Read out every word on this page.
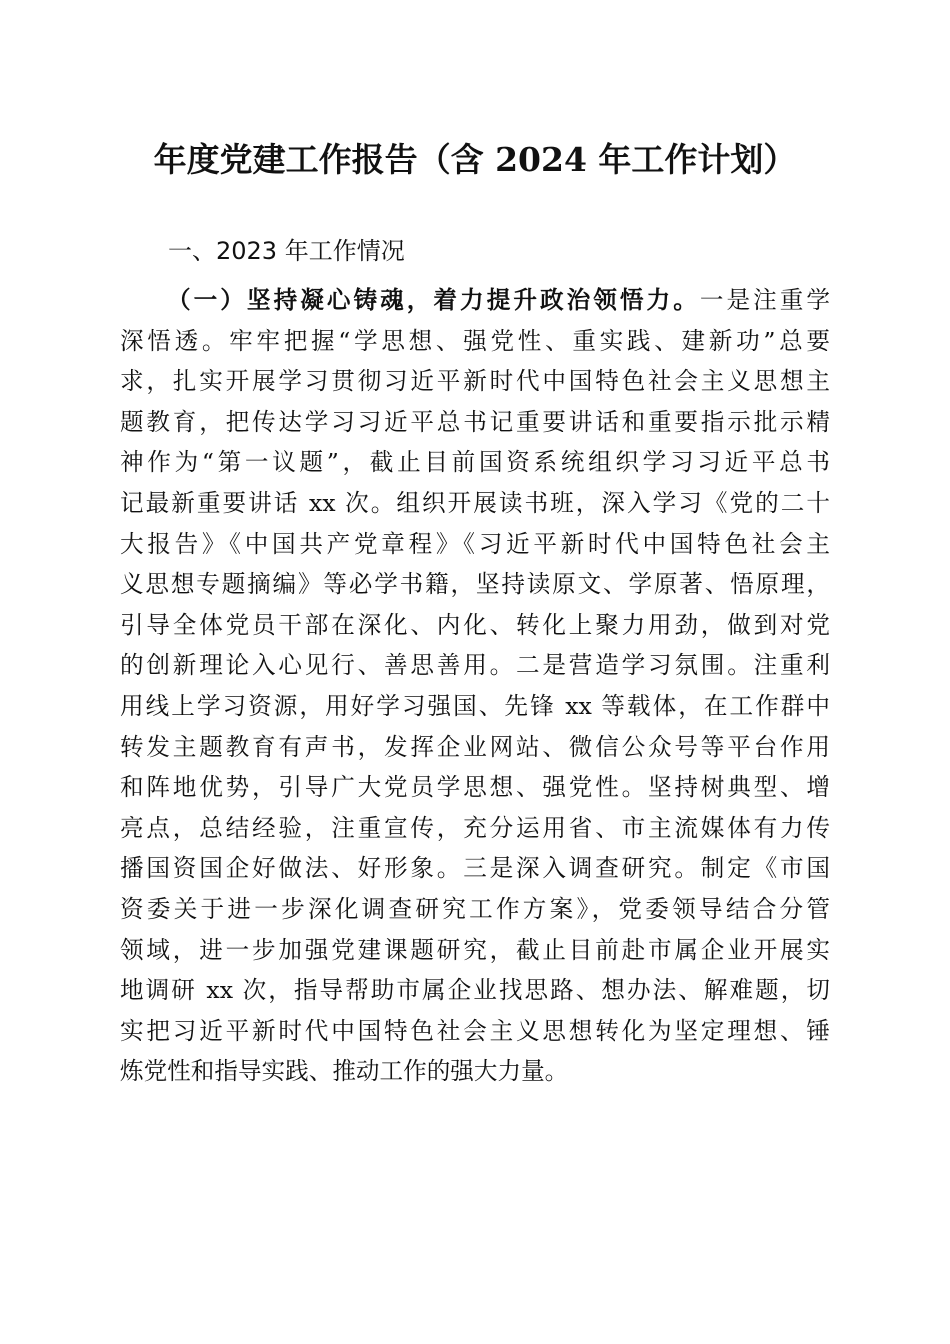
年度党建工作报告（含 2024 年工作计划）
一、2023 年工作情况
（一）坚持凝心铸魂，着力提升政治领悟力。一是注重学
深悟透。牢牢把握“学思想、强党性、重实践、建新功”总要
求，扎实开展学习贯彻习近平新时代中国特色社会主义思想主
题教育，把传达学习习近平总书记重要讲话和重要指示批示精
神作为“第一议题”，截止目前国资系统组织学习习近平总书
记最新重要讲话 xx 次。组织开展读书班，深入学习《党的二十
大报告》《中国共产党章程》《习近平新时代中国特色社会主
义思想专题摘编》等必学书籍，坚持读原文、学原著、悟原理，
引导全体党员干部在深化、内化、转化上聚力用劲，做到对党
的创新理论入心见行、善思善用。二是营造学习氛围。注重利
用线上学习资源，用好学习强国、先锋 xx 等载体，在工作群中
转发主题教育有声书，发挥企业网站、微信公众号等平台作用
和阵地优势，引导广大党员学思想、强党性。坚持树典型、增
亮点，总结经验，注重宣传，充分运用省、市主流媒体有力传
播国资国企好做法、好形象。三是深入调查研究。制定《市国
资委关于进一步深化调查研究工作方案》，党委领导结合分管
领域，进一步加强党建课题研究，截止目前赴市属企业开展实
地调研 xx 次，指导帮助市属企业找思路、想办法、解难题，切
实把习近平新时代中国特色社会主义思想转化为坚定理想、锤
炼党性和指导实践、推动工作的强大力量。
